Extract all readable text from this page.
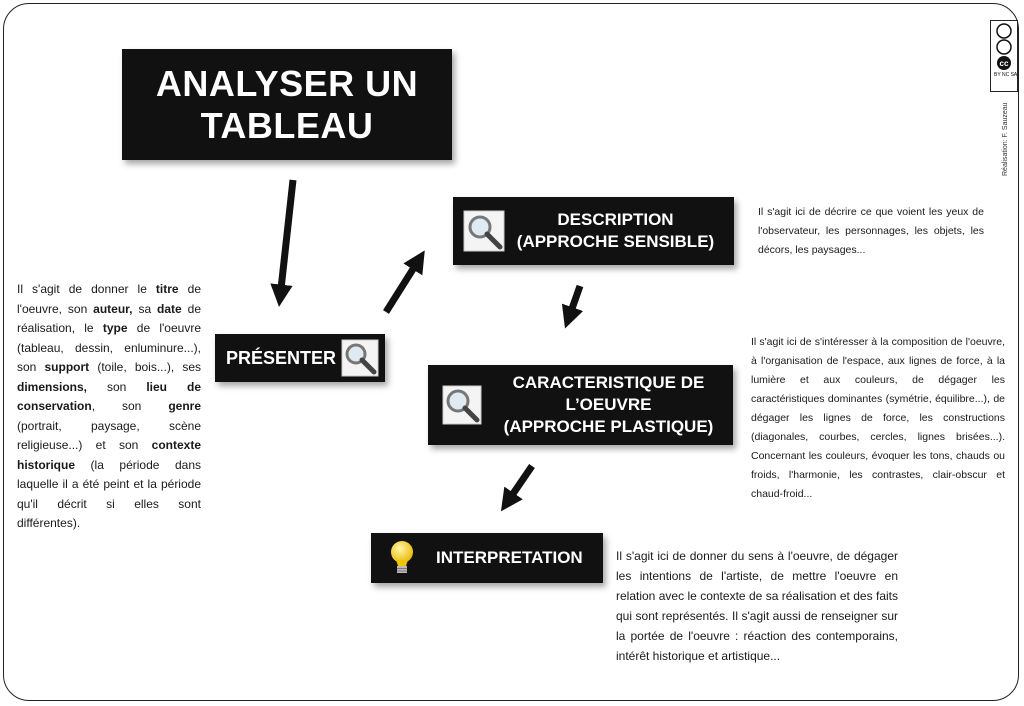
ANALYSER UN
TABLEAU
PRÉSENTER
DESCRIPTION
(APPROCHE SENSIBLE)
CARACTERISTIQUE DE
L’OEUVRE
(APPROCHE PLASTIQUE)
INTERPRETATION
Il s'agit de donner le titre de l'oeuvre, son auteur, sa date de réalisation, le type de l'oeuvre (tableau, dessin, enluminure...), son support (toile, bois...), ses dimensions, son lieu de conservation, son genre (portrait, paysage, scène religieuse...) et son contexte historique (la période dans laquelle il a été peint et la période qu'il décrit si elles sont différentes).
Il s'agit ici de décrire ce que voient les yeux de l'observateur, les personnages, les objets, les décors, les paysages...
Il s'agit ici de s'intéresser à la composition de l'oeuvre, à l'organisation de l'espace, aux lignes de force, à la lumière et aux couleurs, de dégager les caractéristiques dominantes (symétrie, équilibre...), de dégager les lignes de force, les constructions (diagonales, courbes, cercles, lignes brisées...). Concernant les couleurs, évoquer les tons, chauds ou froids, l'harmonie, les contrastes, clair-obscur et chaud-froid...
Il s'agit ici de donner du sens à l'oeuvre, de dégager les intentions de l'artiste, de mettre l'oeuvre en relation avec le contexte de sa réalisation et des faits qui sont représentés. Il s'agit aussi de renseigner sur la portée de l'oeuvre : réaction des contemporains, intérêt historique et artistique...
cc
BY NC SA
Réalisation: F. Sauzeau
